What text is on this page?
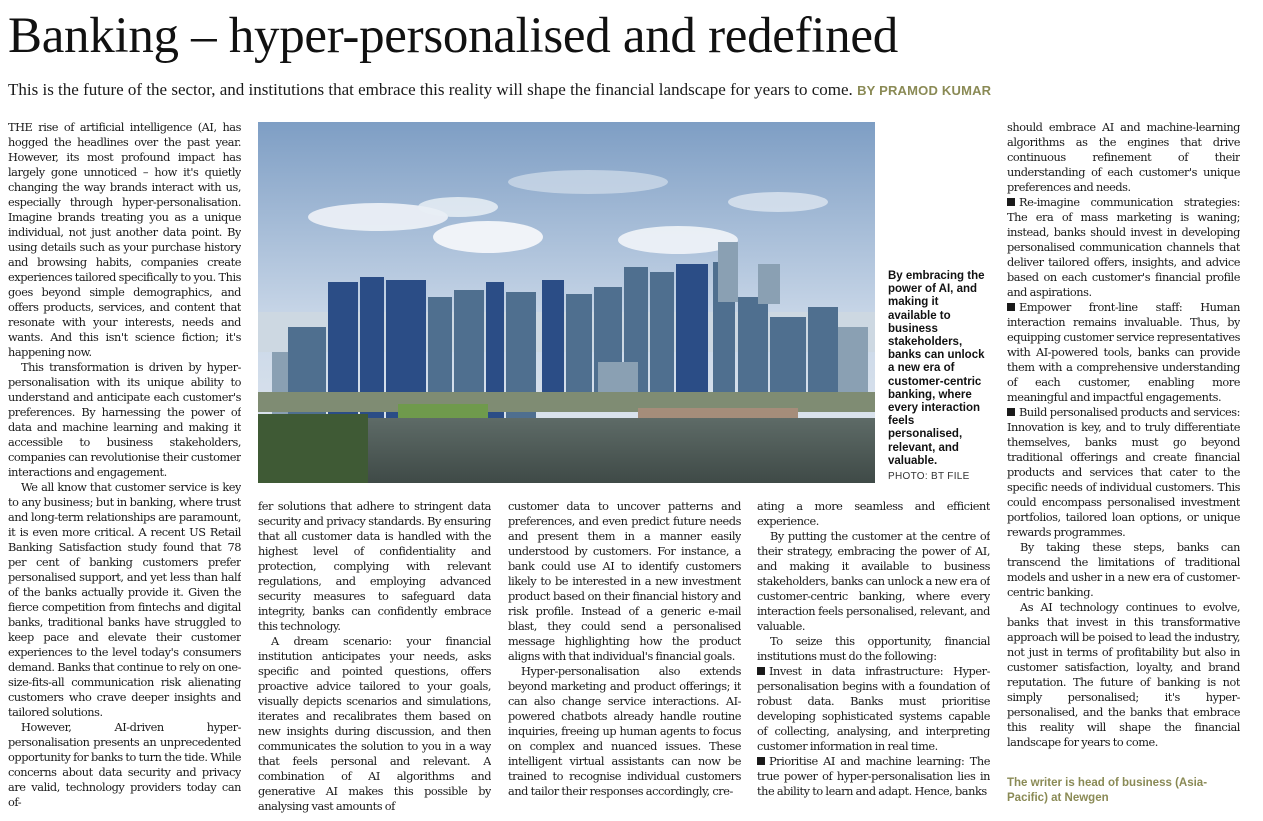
Banking – hyper-personalised and redefined

This is the future of the sector, and institutions that embrace this reality will shape the financial landscape for years to come. BY PRAMOD KUMAR

THE rise of artificial intelligence (AI, has hogged the headlines over the past year. However, its most profound impact has largely gone unnoticed – how it's quietly changing the way brands interact with us, especially through hyper-personalisation. Imagine brands treating you as a unique individual, not just another data point. By using details such as your purchase history and browsing habits, companies create experiences tailored specifically to you. This goes beyond simple demographics, and offers products, services, and content that resonate with your interests, needs and wants. And this isn't science fiction; it's happening now.

This transformation is driven by hyper-personalisation with its unique ability to understand and anticipate each customer's preferences. By harnessing the power of data and machine learning and making it accessible to business stakeholders, companies can revolutionise their customer interactions and engagement.

We all know that customer service is key to any business; but in banking, where trust and long-term relationships are paramount, it is even more critical. A recent US Retail Banking Satisfaction study found that 78 per cent of banking customers prefer personalised support, and yet less than half of the banks actually provide it. Given the fierce competition from fintechs and digital banks, traditional banks have struggled to keep pace and elevate their customer experiences to the level today's consumers demand. Banks that continue to rely on one-size-fits-all communication risk alienating customers who crave deeper insights and tailored solutions.

However, AI-driven hyper-personalisation presents an unprecedented opportunity for banks to turn the tide. While concerns about data security and privacy are valid, technology providers today can of-

By embracing the power of AI, and making it available to business stakeholders, banks can unlock a new era of customer-centric banking, where every interaction feels personalised, relevant, and valuable.
PHOTO: BT FILE

fer solutions that adhere to stringent data security and privacy standards. By ensuring that all customer data is handled with the highest level of confidentiality and protection, complying with relevant regulations, and employing advanced security measures to safeguard data integrity, banks can confidently embrace this technology.

A dream scenario: your financial institution anticipates your needs, asks specific and pointed questions, offers proactive advice tailored to your goals, visually depicts scenarios and simulations, iterates and recalibrates them based on new insights during discussion, and then communicates the solution to you in a way that feels personal and relevant. A combination of AI algorithms and generative AI makes this possible by analysing vast amounts of

customer data to uncover patterns and preferences, and even predict future needs and present them in a manner easily understood by customers. For instance, a bank could use AI to identify customers likely to be interested in a new investment product based on their financial history and risk profile. Instead of a generic e-mail blast, they could send a personalised message highlighting how the product aligns with that individual's financial goals.

Hyper-personalisation also extends beyond marketing and product offerings; it can also change service interactions. AI-powered chatbots already handle routine inquiries, freeing up human agents to focus on complex and nuanced issues. These intelligent virtual assistants can now be trained to recognise individual customers and tailor their responses accordingly, cre-

ating a more seamless and efficient experience.

By putting the customer at the centre of their strategy, embracing the power of AI, and making it available to business stakeholders, banks can unlock a new era of customer-centric banking, where every interaction feels personalised, relevant, and valuable.

To seize this opportunity, financial institutions must do the following:

Invest in data infrastructure: Hyper-personalisation begins with a foundation of robust data. Banks must prioritise developing sophisticated systems capable of collecting, analysing, and interpreting customer information in real time.

Prioritise AI and machine learning: The true power of hyper-personalisation lies in the ability to learn and adapt. Hence, banks

should embrace AI and machine-learning algorithms as the engines that drive continuous refinement of their understanding of each customer's unique preferences and needs.

Re-imagine communication strategies: The era of mass marketing is waning; instead, banks should invest in developing personalised communication channels that deliver tailored offers, insights, and advice based on each customer's financial profile and aspirations.

Empower front-line staff: Human interaction remains invaluable. Thus, by equipping customer service representatives with AI-powered tools, banks can provide them with a comprehensive understanding of each customer, enabling more meaningful and impactful engagements.

Build personalised products and services: Innovation is key, and to truly differentiate themselves, banks must go beyond traditional offerings and create financial products and services that cater to the specific needs of individual customers. This could encompass personalised investment portfolios, tailored loan options, or unique rewards programmes.

By taking these steps, banks can transcend the limitations of traditional models and usher in a new era of customer-centric banking.

As AI technology continues to evolve, banks that invest in this transformative approach will be poised to lead the industry, not just in terms of profitability but also in customer satisfaction, loyalty, and brand reputation. The future of banking is not simply personalised; it's hyper-personalised, and the banks that embrace this reality will shape the financial landscape for years to come.

The writer is head of business (Asia-Pacific) at Newgen
